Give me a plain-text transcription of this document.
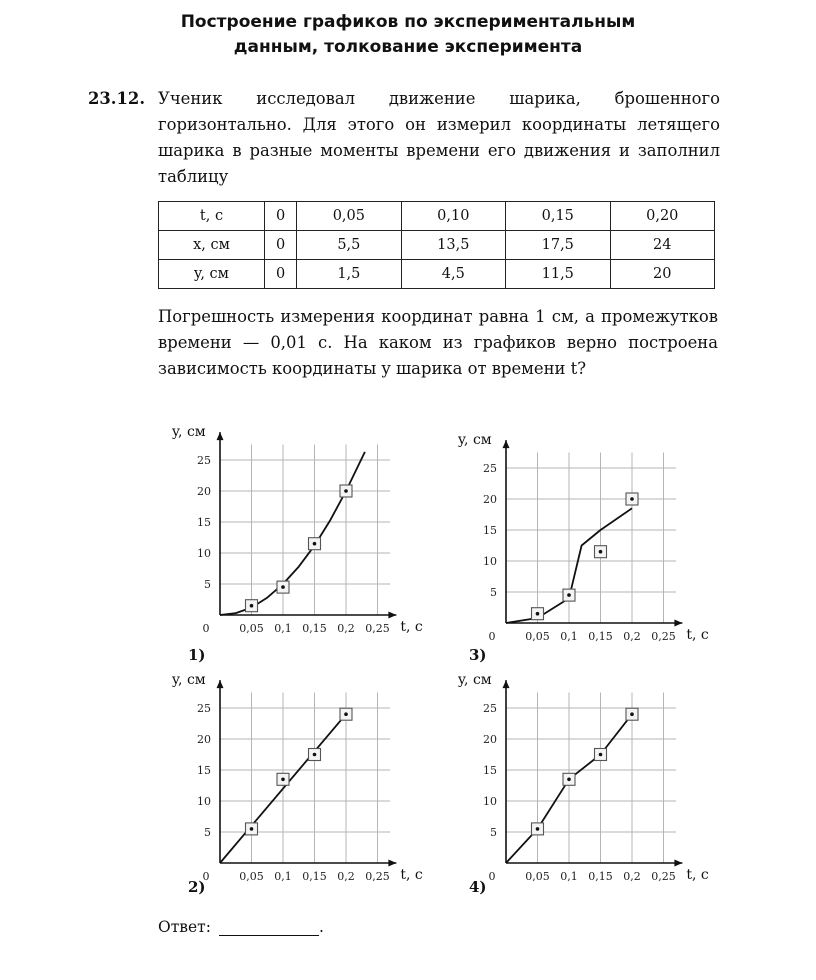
Построение графиков по экспериментальным
данным, толкование эксперимента
23.12. Ученик исследовал движение шарика, брошенного горизонтально. Для этого он измерил координаты летящего шарика в разные моменты времени его движения и заполнил таблицу
t, с	0	0,05	0,10	0,15	0,20
x, см	0	5,5	13,5	17,5	24
y, см	0	1,5	4,5	11,5	20
Погрешность измерения координат равна 1 см, а промежутков времени — 0,01 с. На каком из графиков верно построена зависимость координаты y шарика от времени t?
0,05 0,1 0,15 0,2 0,25
5
10
15
20
25
0
y, см
t, с
0,05 0,1 0,15 0,2 0,25
5
10
15
20
25
0
y, см
t, с
0,05 0,1 0,15 0,2 0,25
5
10
15
20
25
0
y, см
t, с	0,05 0,1 0,15 0,2 0,25
5
10
15
20
25
0
y, см
t, с
1)	3)
2)	4)
Ответ:	.
